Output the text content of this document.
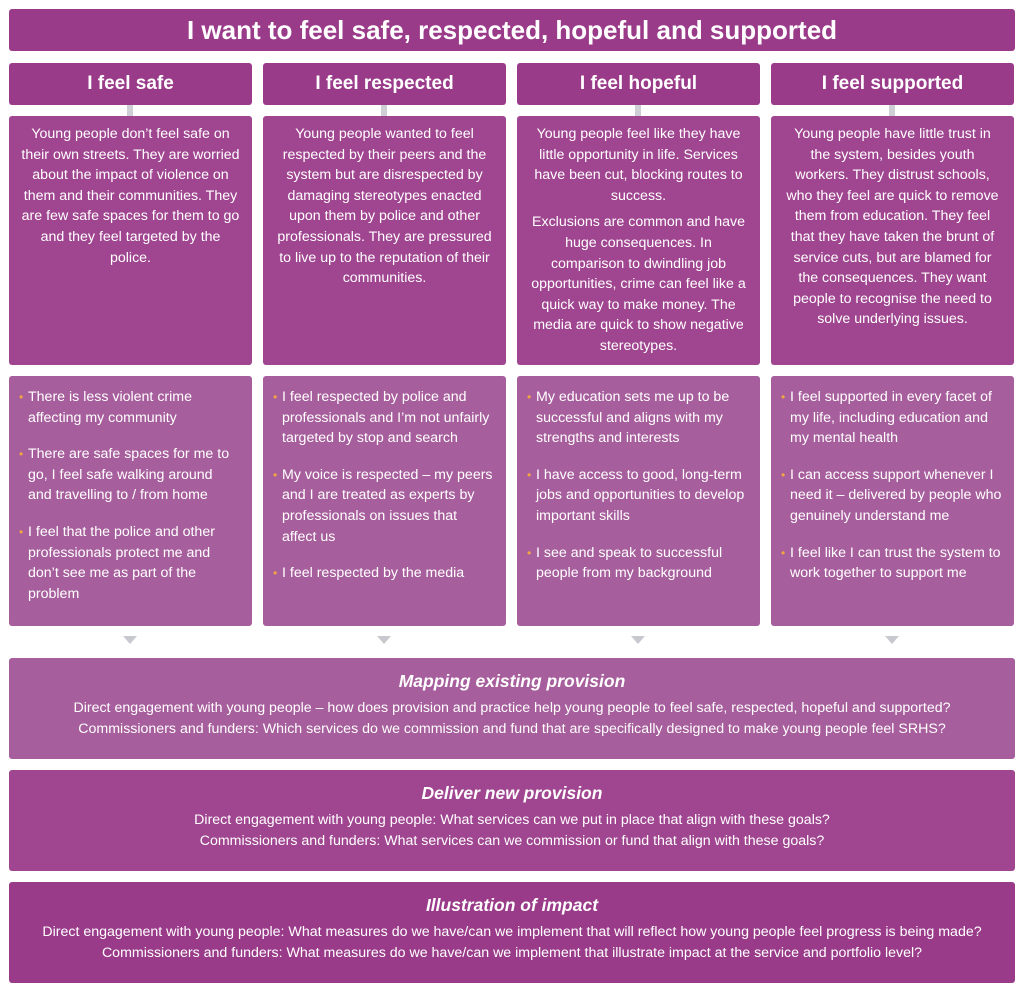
I want to feel safe, respected, hopeful and supported
I feel safe

Young people don’t feel safe on their own streets. They are worried about the impact of violence on them and their communities. They are few safe spaces for them to go and they feel targeted by the police.

• There is less violent crime affecting my community
• There are safe spaces for me to go, I feel safe walking around and travelling to / from home
• I feel that the police and other professionals protect me and don’t see me as part of the problem
I feel respected

Young people wanted to feel respected by their peers and the system but are disrespected by damaging stereotypes enacted upon them by police and other professionals. They are pressured to live up to the reputation of their communities.

• I feel respected by police and professionals and I’m not unfairly targeted by stop and search
• My voice is respected – my peers and I are treated as experts by professionals on issues that affect us
• I feel respected by the media
I feel hopeful

Young people feel like they have little opportunity in life. Services have been cut, blocking routes to success.

Exclusions are common and have huge consequences. In comparison to dwindling job opportunities, crime can feel like a quick way to make money. The media are quick to show negative stereotypes.

• My education sets me up to be successful and aligns with my strengths and interests
• I have access to good, long-term jobs and opportunities to develop important skills
• I see and speak to successful people from my background
I feel supported

Young people have little trust in the system, besides youth workers. They distrust schools, who they feel are quick to remove them from education. They feel that they have taken the brunt of service cuts, but are blamed for the consequences. They want people to recognise the need to solve underlying issues.

• I feel supported in every facet of my life, including education and my mental health
• I can access support whenever I need it – delivered by people who genuinely understand me
• I feel like I can trust the system to work together to support me
Mapping existing provision
Direct engagement with young people – how does provision and practice help young people to feel safe, respected, hopeful and supported?
Commissioners and funders: Which services do we commission and fund that are specifically designed to make young people feel SRHS?
Deliver new provision
Direct engagement with young people: What services can we put in place that align with these goals?
Commissioners and funders: What services can we commission or fund that align with these goals?
Illustration of impact
Direct engagement with young people: What measures do we have/can we implement that will reflect how young people feel progress is being made?
Commissioners and funders: What measures do we have/can we implement that illustrate impact at the service and portfolio level?
